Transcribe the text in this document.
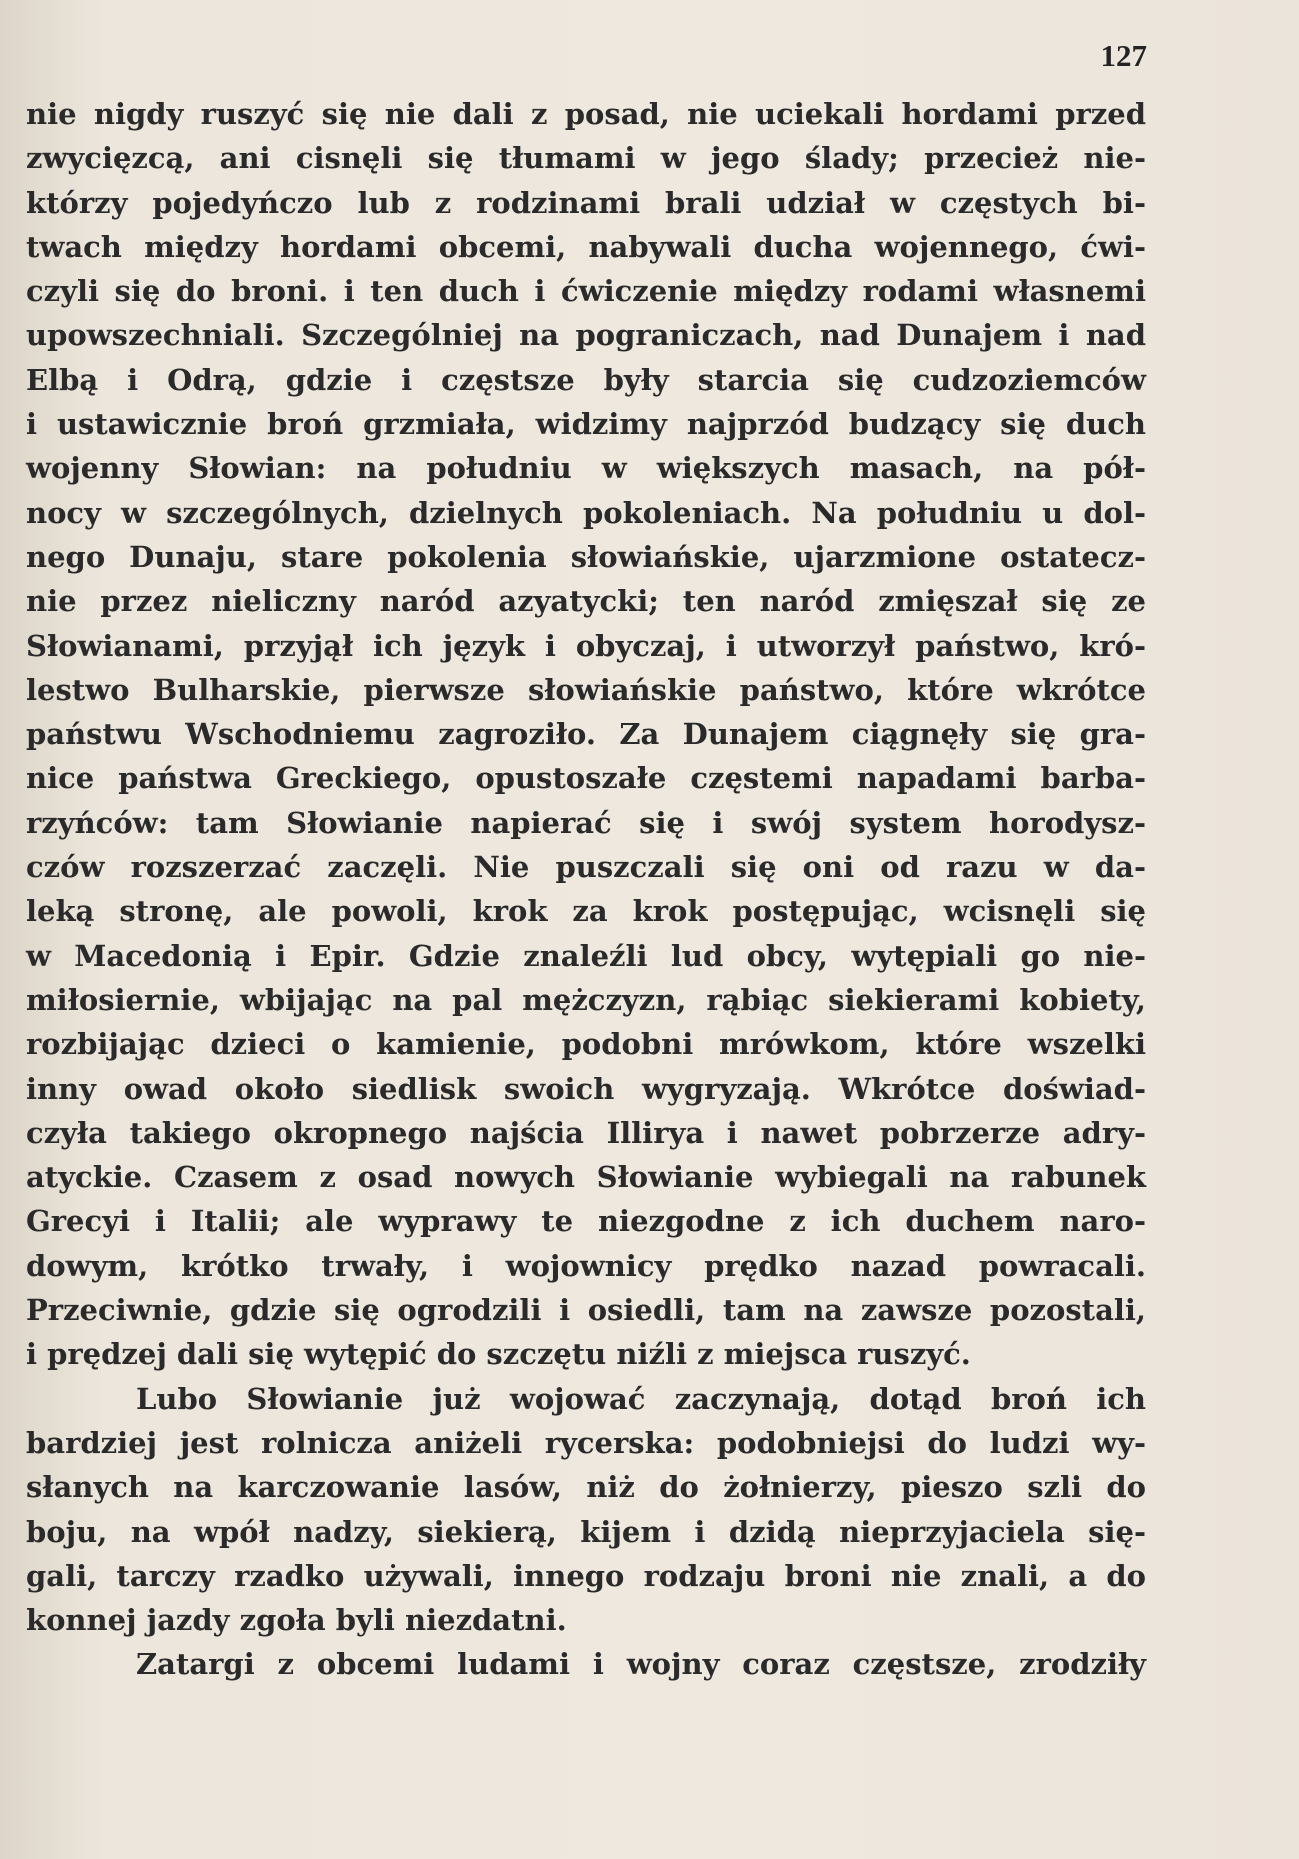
127
nie nigdy ruszyć się nie dali z posad, nie uciekali hordami przed
zwycięzcą, ani cisnęli się tłumami w jego ślady; przecież nie-
którzy pojedyńczo lub z rodzinami brali udział w częstych bi-
twach między hordami obcemi, nabywali ducha wojennego, ćwi-
czyli się do broni. i ten duch i ćwiczenie między rodami własnemi
upowszechniali. Szczególniej na pograniczach, nad Dunajem i nad
Elbą i Odrą, gdzie i częstsze były starcia się cudzoziemców
i ustawicznie broń grzmiała, widzimy najprzód budzący się duch
wojenny Słowian: na południu w większych masach, na pół-
nocy w szczególnych, dzielnych pokoleniach. Na południu u dol-
nego Dunaju, stare pokolenia słowiańskie, ujarzmione ostatecz-
nie przez nieliczny naród azyatycki; ten naród zmięszał się ze
Słowianami, przyjął ich język i obyczaj, i utworzył państwo, kró-
lestwo Bulharskie, pierwsze słowiańskie państwo, które wkrótce
państwu Wschodniemu zagroziło. Za Dunajem ciągnęły się gra-
nice państwa Greckiego, opustoszałe częstemi napadami barba-
rzyńców: tam Słowianie napierać się i swój system horodysz-
czów rozszerzać zaczęli. Nie puszczali się oni od razu w da-
leką stronę, ale powoli, krok za krok postępując, wcisnęli się
w Macedonią i Epir. Gdzie znaleźli lud obcy, wytępiali go nie-
miłosiernie, wbijając na pal mężczyzn, rąbiąc siekierami kobiety,
rozbijając dzieci o kamienie, podobni mrówkom, które wszelki
inny owad około siedlisk swoich wygryzają. Wkrótce doświad-
czyła takiego okropnego najścia Illirya i nawet pobrzerze adry-
atyckie. Czasem z osad nowych Słowianie wybiegali na rabunek
Grecyi i Italii; ale wyprawy te niezgodne z ich duchem naro-
dowym, krótko trwały, i wojownicy prędko nazad powracali.
Przeciwnie, gdzie się ogrodzili i osiedli, tam na zawsze pozostali,
i prędzej dali się wytępić do szczętu niźli z miejsca ruszyć.
Lubo Słowianie już wojować zaczynają, dotąd broń ich
bardziej jest rolnicza aniżeli rycerska: podobniejsi do ludzi wy-
słanych na karczowanie lasów, niż do żołnierzy, pieszo szli do
boju, na wpół nadzy, siekierą, kijem i dzidą nieprzyjaciela się-
gali, tarczy rzadko używali, innego rodzaju broni nie znali, a do
konnej jazdy zgoła byli niezdatni.
Zatargi z obcemi ludami i wojny coraz częstsze, zrodziły
